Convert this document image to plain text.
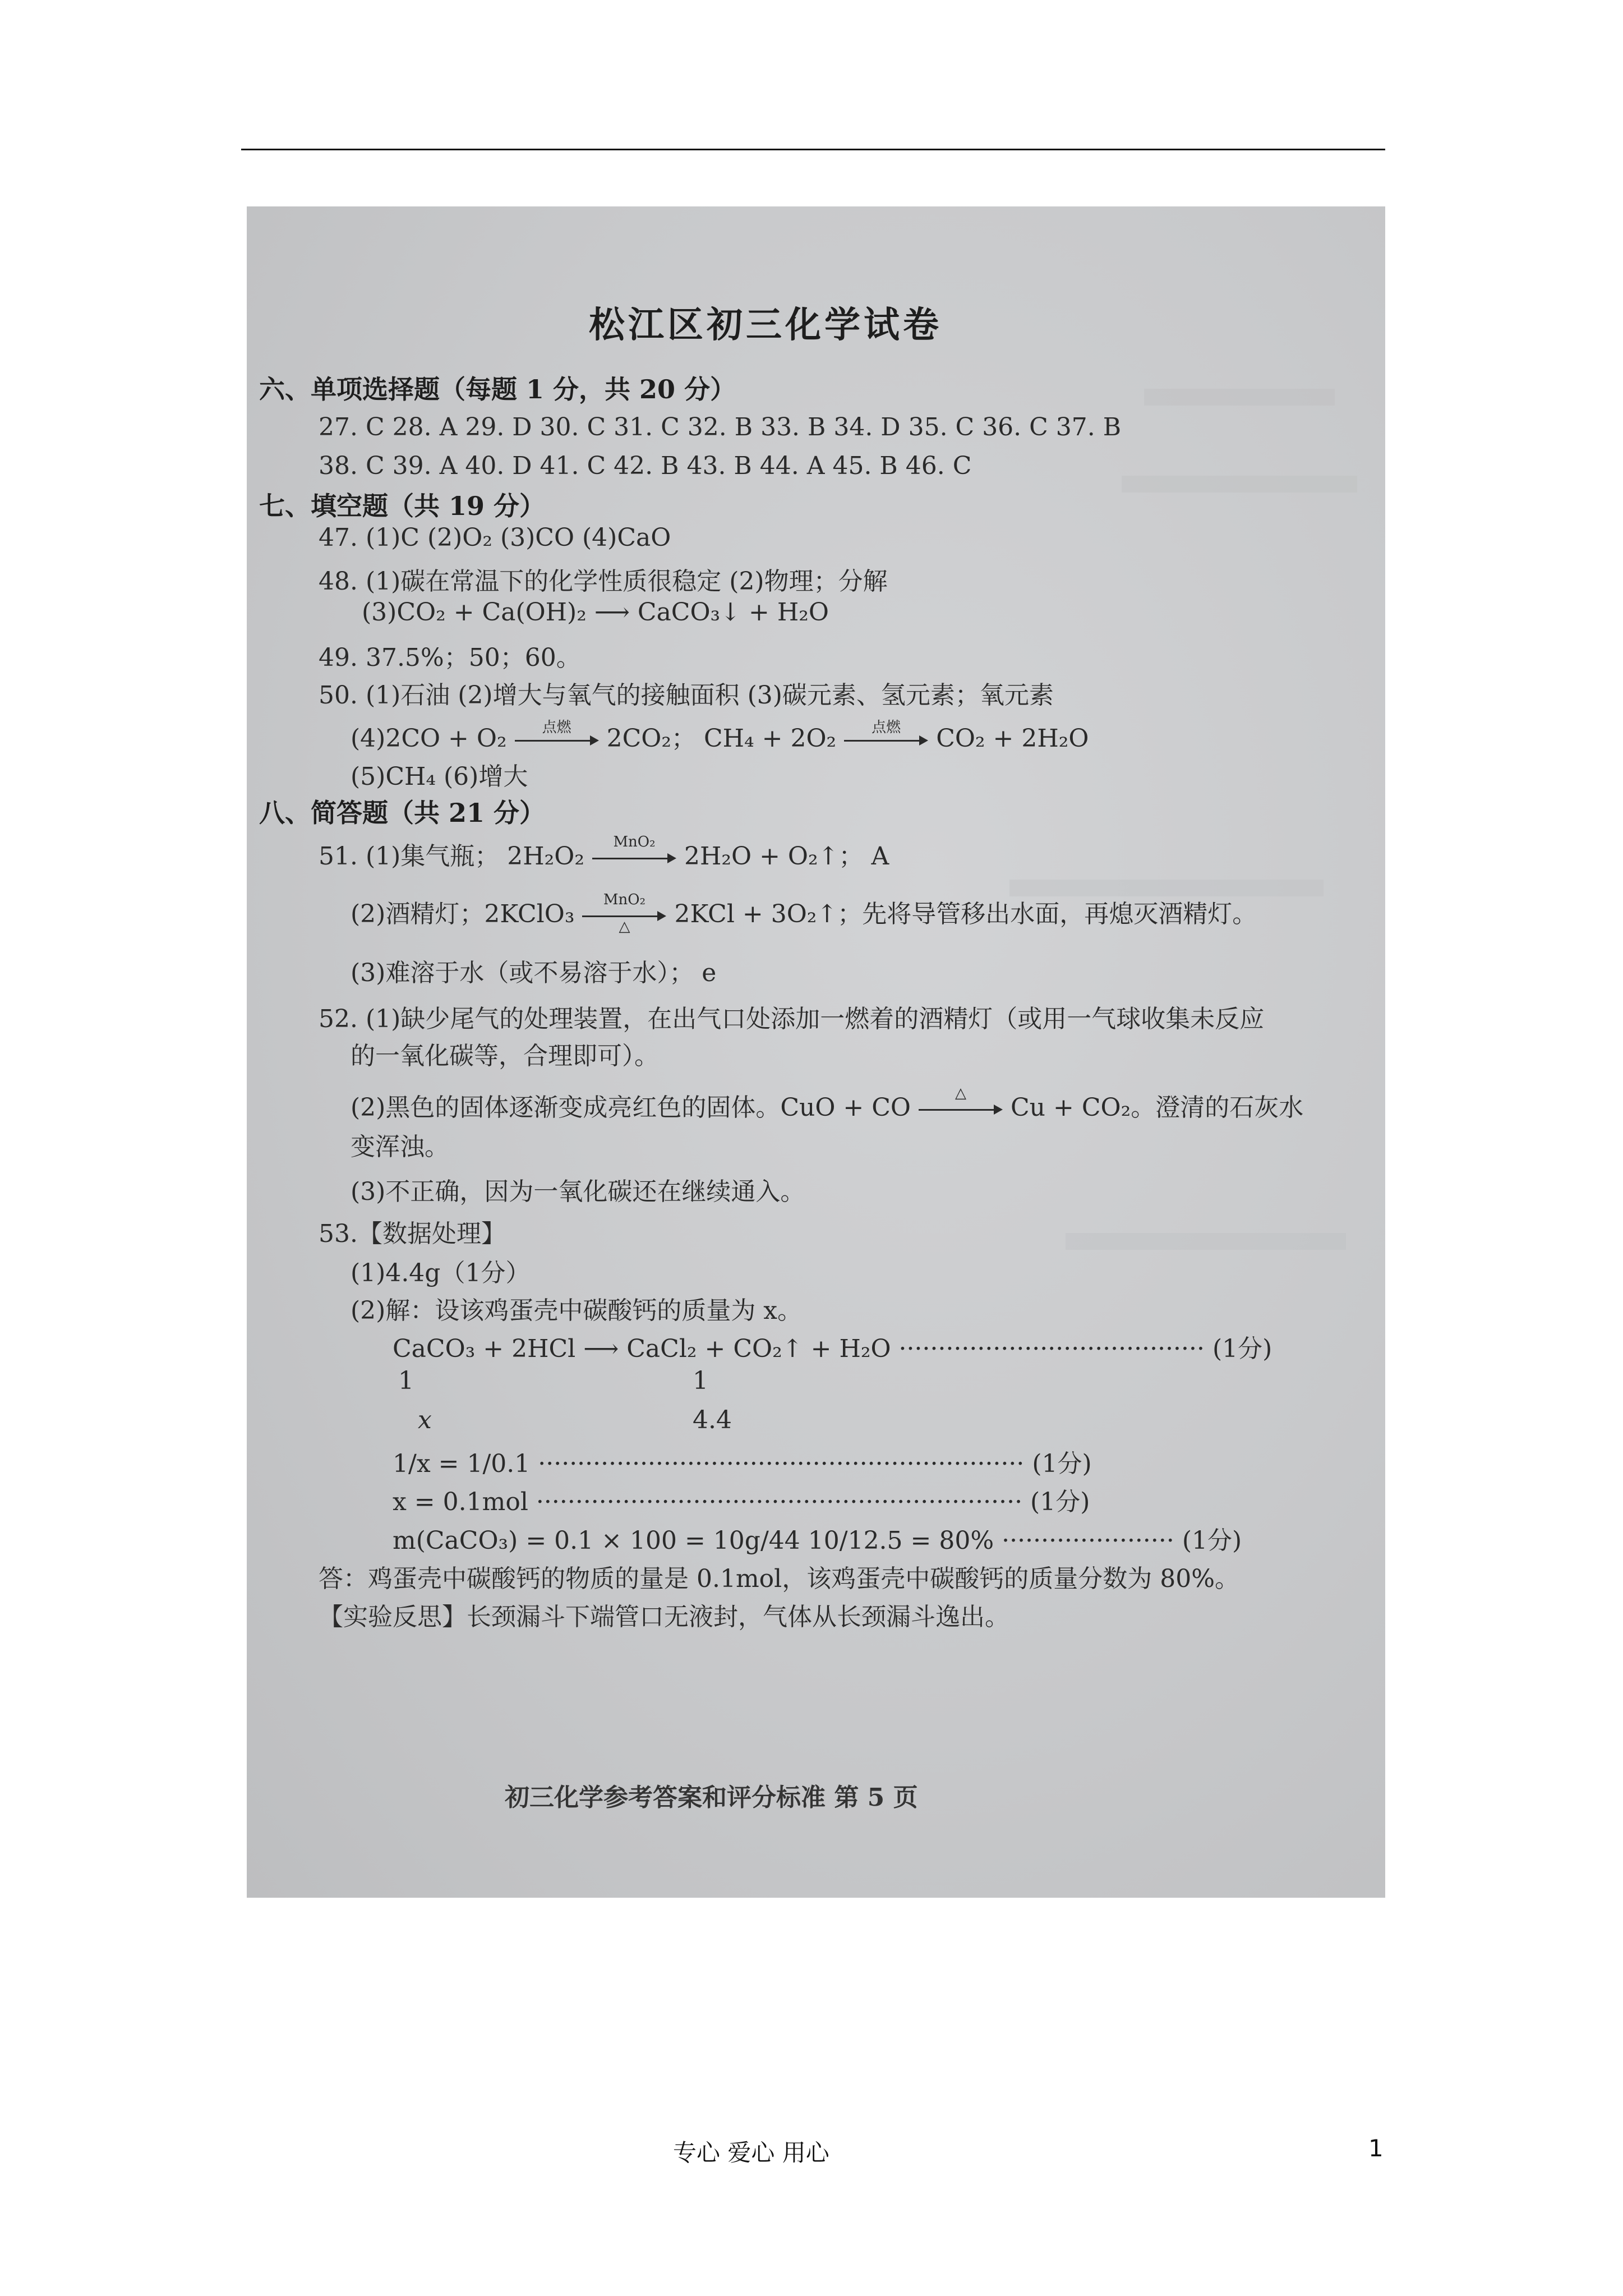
松江区初三化学试卷
六、单项选择题（每题 1 分，共 20 分）
27. C 28. A 29. D 30. C 31. C 32. B 33. B 34. D 35. C 36. C 37. B
38. C 39. A 40. D 41. C 42. B 43. B 44. A 45. B 46. C
七、填空题（共 19 分）
47. (1)C (2)O₂ (3)CO (4)CaO
48. (1)碳在常温下的化学性质很稳定 (2)物理；分解
(3)CO₂ + Ca(OH)₂ ⟶ CaCO₃↓ + H₂O
49. 37.5%；50；60。
50. (1)石油 (2)增大与氧气的接触面积 (3)碳元素、氢元素；氧元素
(4)2CO + O₂	点燃	2CO₂； CH₄ + 2O₂	点燃	CO₂ + 2H₂O
(5)CH₄ (6)增大
八、简答题（共 21 分）
51. (1)集气瓶； 2H₂O₂
MnO₂
2H₂O + O₂↑； A
(2)酒精灯；2KClO₃
MnO₂
△	2KCl + 3O₂↑；先将导管移出水面，再熄灭酒精灯。
(3)难溶于水（或不易溶于水）； e
52. (1)缺少尾气的处理装置，在出气口处添加一燃着的酒精灯（或用一气球收集未反应
的一氧化碳等，合理即可）。
(2)黑色的固体逐渐变成亮红色的固体。CuO + CO
△
Cu + CO₂。澄清的石灰水
变浑浊。
(3)不正确，因为一氧化碳还在继续通入。
53.【数据处理】
(1)4.4g（1分）
(2)解：设该鸡蛋壳中碳酸钙的质量为 x。
CaCO₃ + 2HCl ⟶ CaCl₂ + CO₂↑ + H₂O ······································· (1分)
1	1
x	4.4
1/x = 1/0.1 ······························································ (1分)
x = 0.1mol ······························································ (1分)
m(CaCO₃) = 0.1 × 100 = 10g/44 10/12.5 = 80% ······················ (1分)
答：鸡蛋壳中碳酸钙的物质的量是 0.1mol，该鸡蛋壳中碳酸钙的质量分数为 80%。
【实验反思】长颈漏斗下端管口无液封，气体从长颈漏斗逸出。
初三化学参考答案和评分标准 第 5 页
专心 爱心 用心	1
